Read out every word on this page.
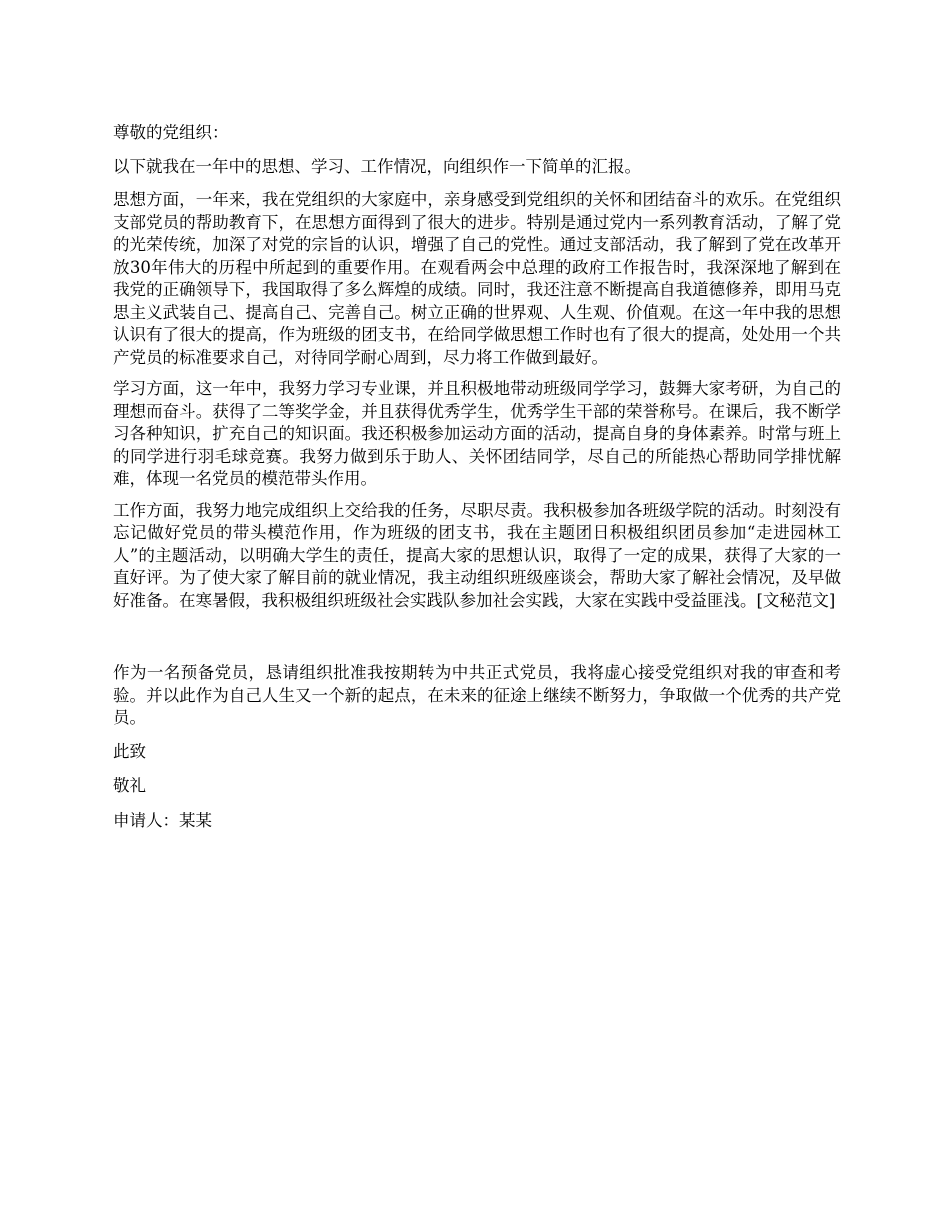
尊敬的党组织：

以下就我在一年中的思想、学习、工作情况，向组织作一下简单的汇报。

思想方面，一年来，我在党组织的大家庭中，亲身感受到党组织的关怀和团结奋斗的欢乐。在党组织支部党员的帮助教育下，在思想方面得到了很大的进步。特别是通过党内一系列教育活动，了解了党的光荣传统，加深了对党的宗旨的认识，增强了自己的党性。通过支部活动，我了解到了党在改革开放30年伟大的历程中所起到的重要作用。在观看两会中总理的政府工作报告时，我深深地了解到在我党的正确领导下，我国取得了多么辉煌的成绩。同时，我还注意不断提高自我道德修养，即用马克思主义武装自己、提高自己、完善自己。树立正确的世界观、人生观、价值观。在这一年中我的思想认识有了很大的提高，作为班级的团支书，在给同学做思想工作时也有了很大的提高，处处用一个共产党员的标准要求自己，对待同学耐心周到，尽力将工作做到最好。

学习方面，这一年中，我努力学习专业课，并且积极地带动班级同学学习，鼓舞大家考研，为自己的理想而奋斗。获得了二等奖学金，并且获得优秀学生，优秀学生干部的荣誉称号。在课后，我不断学习各种知识，扩充自己的知识面。我还积极参加运动方面的活动，提高自身的身体素养。时常与班上的同学进行羽毛球竞赛。我努力做到乐于助人、关怀团结同学，尽自己的所能热心帮助同学排忧解难，体现一名党员的模范带头作用。

工作方面，我努力地完成组织上交给我的任务，尽职尽责。我积极参加各班级学院的活动。时刻没有忘记做好党员的带头模范作用，作为班级的团支书，我在主题团日积极组织团员参加“走进园林工人”的主题活动，以明确大学生的责任，提高大家的思想认识，取得了一定的成果，获得了大家的一直好评。为了使大家了解目前的就业情况，我主动组织班级座谈会，帮助大家了解社会情况，及早做好准备。在寒暑假，我积极组织班级社会实践队参加社会实践，大家在实践中受益匪浅。[文秘范文]

作为一名预备党员，恳请组织批准我按期转为中共正式党员，我将虚心接受党组织对我的审查和考验。并以此作为自己人生又一个新的起点，在未来的征途上继续不断努力，争取做一个优秀的共产党员。

此致

敬礼

申请人：某某
